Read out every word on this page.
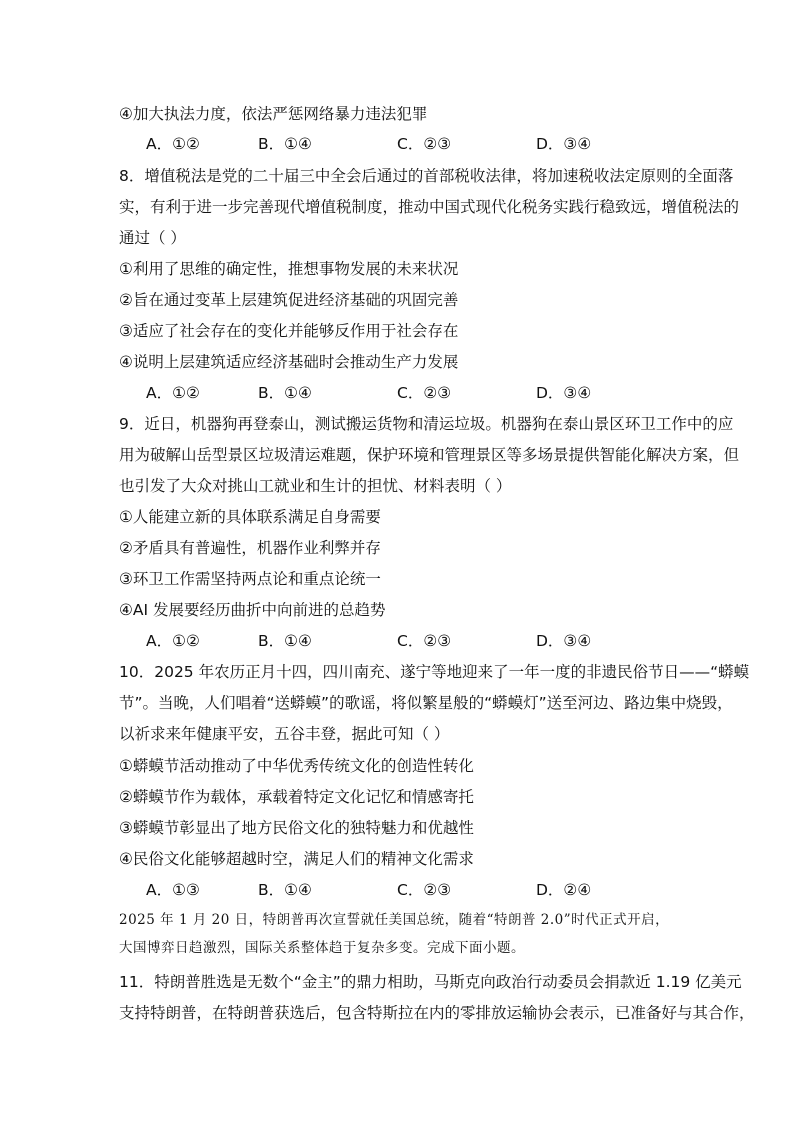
④加大执法力度，依法严惩网络暴力违法犯罪
A．①②	B．①④	C．②③	D．③④
8．增值税法是党的二十届三中全会后通过的首部税收法律，将加速税收法定原则的全面落
实，有利于进一步完善现代增值税制度，推动中国式现代化税务实践行稳致远，增值税法的
通过（ ）
①利用了思维的确定性，推想事物发展的未来状况
②旨在通过变革上层建筑促进经济基础的巩固完善
③适应了社会存在的变化并能够反作用于社会存在
④说明上层建筑适应经济基础时会推动生产力发展
A．①②	B．①④	C．②③	D．③④
9．近日，机器狗再登泰山，测试搬运货物和清运垃圾。机器狗在泰山景区环卫工作中的应
用为破解山岳型景区垃圾清运难题，保护环境和管理景区等多场景提供智能化解决方案，但
也引发了大众对挑山工就业和生计的担忧、材料表明（ ）
①人能建立新的具体联系满足自身需要
②矛盾具有普遍性，机器作业利弊并存
③环卫工作需坚持两点论和重点论统一
④AI 发展要经历曲折中向前进的总趋势
A．①②	B．①④	C．②③	D．③④
10．2025 年农历正月十四，四川南充、遂宁等地迎来了一年一度的非遗民俗节日——“蟒蟆
节”。当晚，人们唱着“送蟒蟆”的歌谣，将似繁星般的“蟒蟆灯”送至河边、路边集中烧毁，
以祈求来年健康平安，五谷丰登，据此可知（ ）
①蟒蟆节活动推动了中华优秀传统文化的创造性转化
②蟒蟆节作为载体，承载着特定文化记忆和情感寄托
③蟒蟆节彰显出了地方民俗文化的独特魅力和优越性
④民俗文化能够超越时空，满足人们的精神文化需求
A．①③	B．①④	C．②③	D．②④
2025 年 1 月 20 日，特朗普再次宣誓就任美国总统，随着“特朗普 2.0”时代正式开启，
大国博弈日趋激烈，国际关系整体趋于复杂多变。完成下面小题。
11．特朗普胜选是无数个“金主”的鼎力相助，马斯克向政治行动委员会捐款近 1.19 亿美元
支持特朗普，在特朗普获选后，包含特斯拉在内的零排放运输协会表示，已准备好与其合作，
